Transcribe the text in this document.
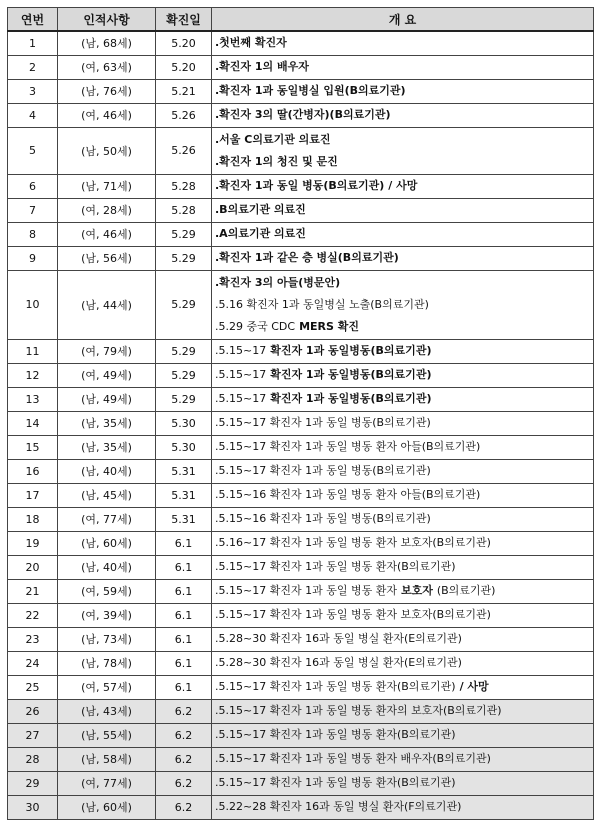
연번	인적사항	확진일	개 요
1	(남, 68세)	5.20	.첫번째 확진자

2	(여, 63세)	5.20	.확진자 1의 배우자

3	(남, 76세)	5.21	.확진자 1과 동일병실 입원(B의료기관)

4	(여, 46세)	5.26	.확진자 3의 딸(간병자)(B의료기관)

5	(남, 50세)	5.26	.서울 C의료기관 의료진
.확진자 1의 청진 및 문진

6	(남, 71세)	5.28	.확진자 1과 동일 병동(B의료기관) / 사망

7	(여, 28세)	5.28	.B의료기관 의료진

8	(여, 46세)	5.29	.A의료기관 의료진

9	(남, 56세)	5.29	.확진자 1과 같은 층 병실(B의료기관)

10	(남, 44세)	5.29	.확진자 3의 아들(병문안)
.5.16 확진자 1과 동일병실 노출(B의료기관)
.5.29 중국 CDC MERS 확진

11	(여, 79세)	5.29	.5.15~17 확진자 1과 동일병동(B의료기관)

12	(여, 49세)	5.29	.5.15~17 확진자 1과 동일병동(B의료기관)

13	(남, 49세)	5.29	.5.15~17 확진자 1과 동일병동(B의료기관)

14	(남, 35세)	5.30	.5.15~17 확진자 1과 동일 병동(B의료기관)

15	(남, 35세)	5.30	.5.15~17 확진자 1과 동일 병동 환자 아들(B의료기관)

16	(남, 40세)	5.31	.5.15~17 확진자 1과 동일 병동(B의료기관)

17	(남, 45세)	5.31	.5.15~16 확진자 1과 동일 병동 환자 아들(B의료기관)

18	(여, 77세)	5.31	.5.15~16 확진자 1과 동일 병동(B의료기관)

19	(남, 60세)	6.1	.5.16~17 확진자 1과 동일 병동 환자 보호자(B의료기관)

20	(남, 40세)	6.1	.5.15~17 확진자 1과 동일 병동 환자(B의료기관)

21	(여, 59세)	6.1	.5.15~17 확진자 1과 동일 병동 환자 보호자 (B의료기관)

22	(여, 39세)	6.1	.5.15~17 확진자 1과 동일 병동 환자 보호자(B의료기관)

23	(남, 73세)	6.1	.5.28~30 확진자 16과 동일 병실 환자(E의료기관)

24	(남, 78세)	6.1	.5.28~30 확진자 16과 동일 병실 환자(E의료기관)

25	(여, 57세)	6.1	.5.15~17 확진자 1과 동일 병동 환자(B의료기관) / 사망

26	(남, 43세)	6.2	.5.15~17 확진자 1과 동일 병동 환자의 보호자(B의료기관)

27	(남, 55세)	6.2	.5.15~17 확진자 1과 동일 병동 환자(B의료기관)

28	(남, 58세)	6.2	.5.15~17 확진자 1과 동일 병동 환자 배우자(B의료기관)

29	(여, 77세)	6.2	.5.15~17 확진자 1과 동일 병동 환자(B의료기관)

30	(남, 60세)	6.2	.5.22~28 확진자 16과 동일 병실 환자(F의료기관)
